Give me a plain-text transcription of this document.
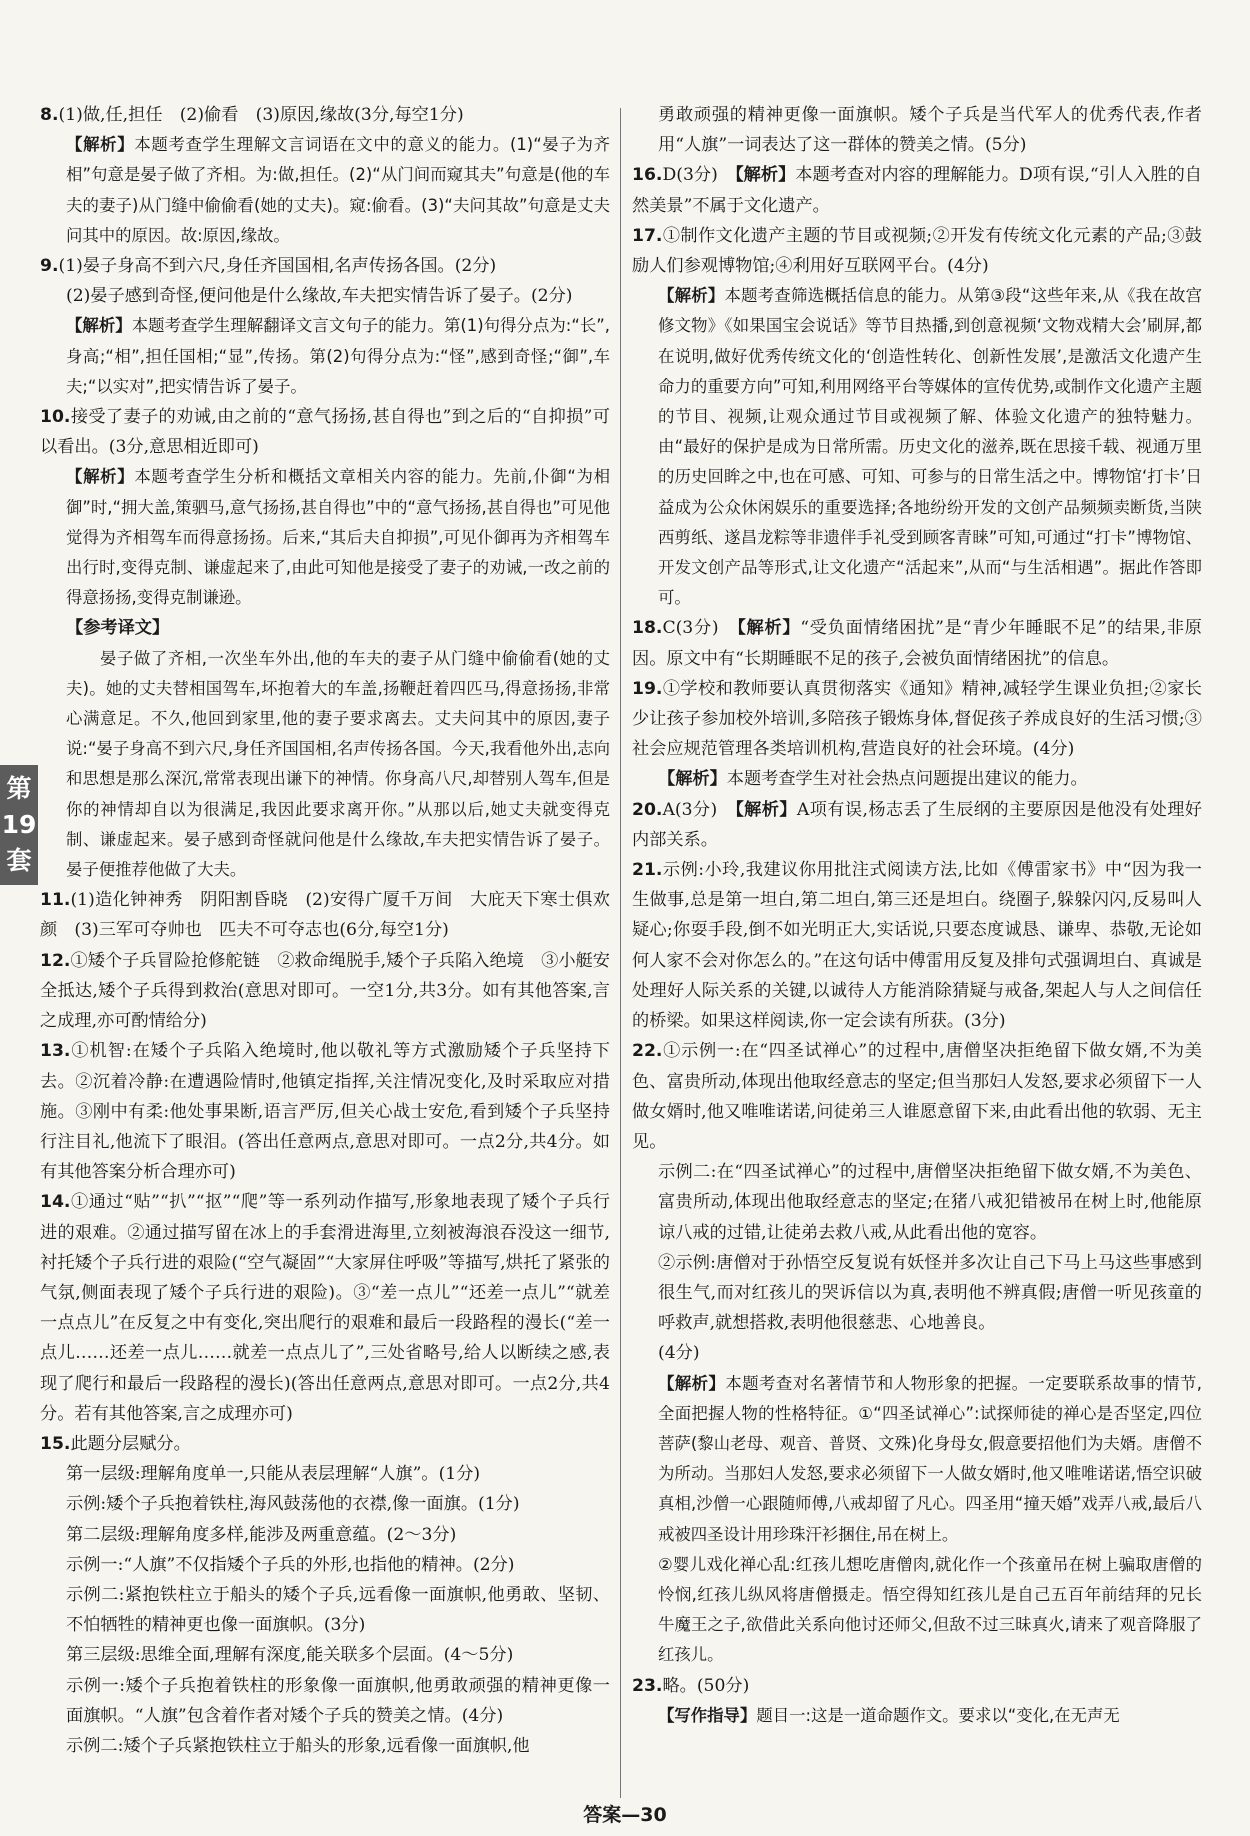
8.(1)做,任,担任　(2)偷看　(3)原因,缘故(3分,每空1分)

【解析】本题考查学生理解文言词语在文中的意义的能力。(1)“晏子为齐相”句意是晏子做了齐相。为:做,担任。(2)“从门间而窥其夫”句意是(他的车夫的妻子)从门缝中偷偷看(她的丈夫)。窥:偷看。(3)“夫问其故”句意是丈夫问其中的原因。故:原因,缘故。

9.(1)晏子身高不到六尺,身任齐国国相,名声传扬各国。(2分)

(2)晏子感到奇怪,便问他是什么缘故,车夫把实情告诉了晏子。(2分)

【解析】本题考查学生理解翻译文言文句子的能力。第(1)句得分点为:“长”,身高;“相”,担任国相;“显”,传扬。第(2)句得分点为:“怪”,感到奇怪;“御”,车夫;“以实对”,把实情告诉了晏子。

10.接受了妻子的劝诫,由之前的“意气扬扬,甚自得也”到之后的“自抑损”可以看出。(3分,意思相近即可)

【解析】本题考查学生分析和概括文章相关内容的能力。先前,仆御“为相御”时,“拥大盖,策驷马,意气扬扬,甚自得也”中的“意气扬扬,甚自得也”可见他觉得为齐相驾车而得意扬扬。后来,“其后夫自抑损”,可见仆御再为齐相驾车出行时,变得克制、谦虚起来了,由此可知他是接受了妻子的劝诫,一改之前的得意扬扬,变得克制谦逊。

【参考译文】

晏子做了齐相,一次坐车外出,他的车夫的妻子从门缝中偷偷看(她的丈夫)。她的丈夫替相国驾车,坏抱着大的车盖,扬鞭赶着四匹马,得意扬扬,非常心满意足。不久,他回到家里,他的妻子要求离去。丈夫问其中的原因,妻子说:“晏子身高不到六尺,身任齐国国相,名声传扬各国。今天,我看他外出,志向和思想是那么深沉,常常表现出谦下的神情。你身高八尺,却替别人驾车,但是你的神情却自以为很满足,我因此要求离开你。”从那以后,她丈夫就变得克制、谦虚起来。晏子感到奇怪就问他是什么缘故,车夫把实情告诉了晏子。晏子便推荐他做了大夫。

11.(1)造化钟神秀　阴阳割昏晓　(2)安得广厦千万间　大庇天下寒士俱欢颜　(3)三军可夺帅也　匹夫不可夺志也(6分,每空1分)

12.①矮个子兵冒险抢修舵链　②救命绳脱手,矮个子兵陷入绝境　③小艇安全抵达,矮个子兵得到救治(意思对即可。一空1分,共3分。如有其他答案,言之成理,亦可酌情给分)

13.①机智:在矮个子兵陷入绝境时,他以敬礼等方式激励矮个子兵坚持下去。②沉着冷静:在遭遇险情时,他镇定指挥,关注情况变化,及时采取应对措施。③刚中有柔:他处事果断,语言严厉,但关心战士安危,看到矮个子兵坚持行注目礼,他流下了眼泪。(答出任意两点,意思对即可。一点2分,共4分。如有其他答案分析合理亦可)

14.①通过“贴”“扒”“抠”“爬”等一系列动作描写,形象地表现了矮个子兵行进的艰难。②通过描写留在冰上的手套滑进海里,立刻被海浪吞没这一细节,衬托矮个子兵行进的艰险(“空气凝固”“大家屏住呼吸”等描写,烘托了紧张的气氛,侧面表现了矮个子兵行进的艰险)。③“差一点儿”“还差一点儿”“就差一点点儿”在反复之中有变化,突出爬行的艰难和最后一段路程的漫长(“差一点儿……还差一点儿……就差一点点儿了”,三处省略号,给人以断续之感,表现了爬行和最后一段路程的漫长)(答出任意两点,意思对即可。一点2分,共4分。若有其他答案,言之成理亦可)

15.此题分层赋分。

第一层级:理解角度单一,只能从表层理解“人旗”。(1分)

示例:矮个子兵抱着铁柱,海风鼓荡他的衣襟,像一面旗。(1分)

第二层级:理解角度多样,能涉及两重意蕴。(2～3分)

示例一:“人旗”不仅指矮个子兵的外形,也指他的精神。(2分)

示例二:紧抱铁柱立于船头的矮个子兵,远看像一面旗帜,他勇敢、坚韧、不怕牺牲的精神更也像一面旗帜。(3分)

第三层级:思维全面,理解有深度,能关联多个层面。(4～5分)

示例一:矮个子兵抱着铁柱的形象像一面旗帜,他勇敢顽强的精神更像一面旗帜。“人旗”包含着作者对矮个子兵的赞美之情。(4分)

示例二:矮个子兵紧抱铁柱立于船头的形象,远看像一面旗帜,他

勇敢顽强的精神更像一面旗帜。矮个子兵是当代军人的优秀代表,作者用“人旗”一词表达了这一群体的赞美之情。(5分)

16.D(3分)　【解析】本题考查对内容的理解能力。D项有误,“引人入胜的自然美景”不属于文化遗产。

17.①制作文化遗产主题的节目或视频;②开发有传统文化元素的产品;③鼓励人们参观博物馆;④利用好互联网平台。(4分)

【解析】本题考查筛选概括信息的能力。从第③段“这些年来,从《我在故宫修文物》《如果国宝会说话》等节目热播,到创意视频‘文物戏精大会’刷屏,都在说明,做好优秀传统文化的‘创造性转化、创新性发展’,是激活文化遗产生命力的重要方向”可知,利用网络平台等媒体的宣传优势,或制作文化遗产主题的节目、视频,让观众通过节目或视频了解、体验文化遗产的独特魅力。由“最好的保护是成为日常所需。历史文化的滋养,既在思接千载、视通万里的历史回眸之中,也在可感、可知、可参与的日常生活之中。博物馆‘打卡’日益成为公众休闲娱乐的重要选择;各地纷纷开发的文创产品频频卖断货,当陕西剪纸、遂昌龙粽等非遗伴手礼受到顾客青睐”可知,可通过“打卡”博物馆、开发文创产品等形式,让文化遗产“活起来”,从而“与生活相遇”。据此作答即可。

18.C(3分)　【解析】“受负面情绪困扰”是“青少年睡眠不足”的结果,非原因。原文中有“长期睡眠不足的孩子,会被负面情绪困扰”的信息。

19.①学校和教师要认真贯彻落实《通知》精神,减轻学生课业负担;②家长少让孩子参加校外培训,多陪孩子锻炼身体,督促孩子养成良好的生活习惯;③社会应规范管理各类培训机构,营造良好的社会环境。(4分)

【解析】本题考查学生对社会热点问题提出建议的能力。

20.A(3分)　【解析】A项有误,杨志丢了生辰纲的主要原因是他没有处理好内部关系。

21.示例:小玲,我建议你用批注式阅读方法,比如《傅雷家书》中“因为我一生做事,总是第一坦白,第二坦白,第三还是坦白。绕圈子,躲躲闪闪,反易叫人疑心;你耍手段,倒不如光明正大,实话说,只要态度诚恳、谦卑、恭敬,无论如何人家不会对你怎么的。”在这句话中傅雷用反复及排句式强调坦白、真诚是处理好人际关系的关键,以诚待人方能消除猜疑与戒备,架起人与人之间信任的桥梁。如果这样阅读,你一定会读有所获。(3分)

22.①示例一:在“四圣试禅心”的过程中,唐僧坚决拒绝留下做女婿,不为美色、富贵所动,体现出他取经意志的坚定;但当那妇人发怒,要求必须留下一人做女婿时,他又唯唯诺诺,问徒弟三人谁愿意留下来,由此看出他的软弱、无主见。

示例二:在“四圣试禅心”的过程中,唐僧坚决拒绝留下做女婿,不为美色、富贵所动,体现出他取经意志的坚定;在猪八戒犯错被吊在树上时,他能原谅八戒的过错,让徒弟去救八戒,从此看出他的宽容。

②示例:唐僧对于孙悟空反复说有妖怪并多次让自己下马上马这些事感到很生气,而对红孩儿的哭诉信以为真,表明他不辨真假;唐僧一听见孩童的呼救声,就想搭救,表明他很慈悲、心地善良。

(4分)

【解析】本题考查对名著情节和人物形象的把握。一定要联系故事的情节,全面把握人物的性格特征。①“四圣试禅心”:试探师徒的禅心是否坚定,四位菩萨(黎山老母、观音、普贤、文殊)化身母女,假意要招他们为夫婿。唐僧不为所动。当那妇人发怒,要求必须留下一人做女婿时,他又唯唯诺诺,悟空识破真相,沙僧一心跟随师傅,八戒却留了凡心。四圣用“撞天婚”戏弄八戒,最后八戒被四圣设计用珍珠汗衫捆住,吊在树上。

②婴儿戏化禅心乱:红孩儿想吃唐僧肉,就化作一个孩童吊在树上骗取唐僧的怜悯,红孩儿纵风将唐僧摄走。悟空得知红孩儿是自己五百年前结拜的兄长牛魔王之子,欲借此关系向他讨还师父,但敌不过三昧真火,请来了观音降服了红孩儿。

23.略。(50分)

【写作指导】题目一:这是一道命题作文。要求以“变化,在无声无

第
19
套
答案—30
